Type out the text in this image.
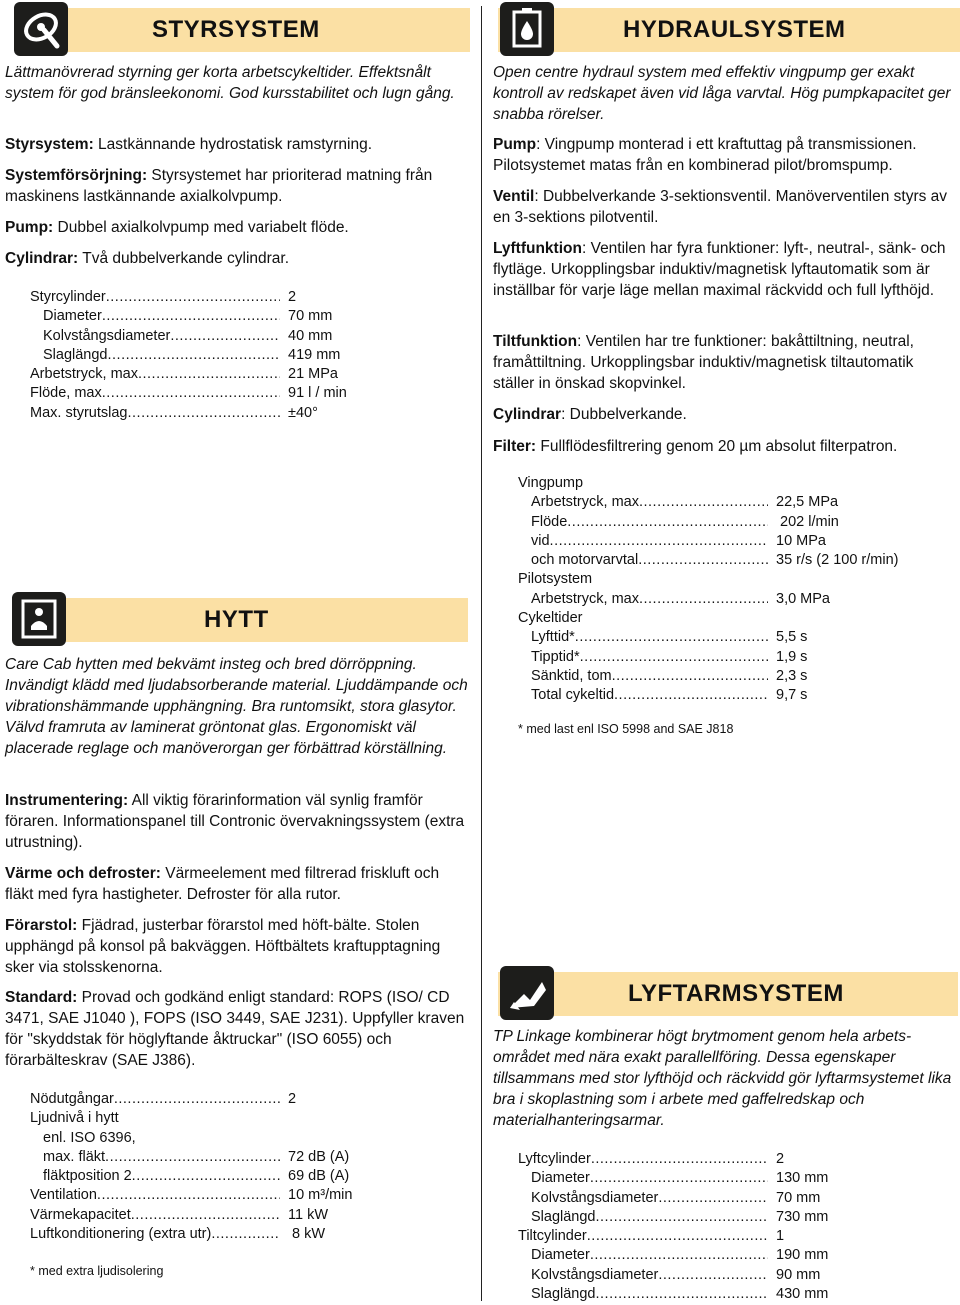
STYRSYSTEM

Lättmanövrerad styrning ger korta arbetscykeltider. Effektsnålt system för god bränsleekonomi. God kursstabilitet och lugn gång.

Styrsystem: Lastkännande hydrostatisk ramstyrning.

Systemförsörjning: Styrsystemet har prioriterad matning från maskinens lastkännande axialkolvpump.

Pump: Dubbel axialkolvpump med variabelt flöde.

Cylindrar: Två dubbelverkande cylindrar.

Styrcylinder .....	2
Diameter .....	70 mm
Kolvstångsdiameter .....	40 mm
Slaglängd .....	419 mm
Arbetstryck, max .....	21 MPa
Flöde, max .....	91 l / min
Max. styrutslag .....	±40°
HYTT

Care Cab hytten med bekvämt insteg och bred dörröppning. Invändigt klädd med ljudabsorberande material. Ljuddämpande och vibrationshämmande upphängning. Bra runtomsikt, stora glasytor. Välvd framruta av laminerat gröntonat glas. Ergonomiskt väl placerade reglage och manöverorgan ger förbättrad körställning.

Instrumentering: All viktig förarinformation väl synlig framför föraren. Informationspanel till Contronic övervakningssystem (extra utrustning).

Värme och defroster: Värmeelement med filtrerad friskluft och fläkt med fyra hastigheter. Defroster för alla rutor.

Förarstol: Fjädrad, justerbar förarstol med höft-bälte. Stolen upphängd på konsol på bakväggen. Höftbältets kraftupptagning sker via stolsskenorna.

Standard: Provad och godkänd enligt standard: ROPS (ISO/ CD 3471, SAE J1040 ), FOPS (ISO 3449, SAE J231). Uppfyller kraven för "skyddstak för höglyftande åktruckar" (ISO 6055) och förarbälteskrav (SAE J386).

Nödutgångar .....	2
Ljudnivå i hytt
enl. ISO 6396,
max. fläkt .....	72 dB (A)
fläktposition 2 .....	69 dB (A)
Ventilation .....	10 m³/min
Värmekapacitet .....	11 kW
Luftkonditionering (extra utr) .....	8 kW
* med extra ljudisolering
HYDRAULSYSTEM

Open centre hydraul system med effektiv vingpump ger exakt kontroll av redskapet även vid låga varvtal. Hög pumpkapacitet ger snabba rörelser.

Pump: Vingpump monterad i ett kraftuttag på transmissionen. Pilotsystemet matas från en kombinerad pilot/bromspump.

Ventil: Dubbelverkande 3-sektionsventil. Manöverventilen styrs av en 3-sektions pilotventil.

Lyftfunktion: Ventilen har fyra funktioner: lyft-, neutral-, sänk- och flytläge. Urkopplingsbar induktiv/magnetisk lyftautomatik som är inställbar för varje läge mellan maximal räckvidd och full lyfthöjd.

Tiltfunktion: Ventilen har tre funktioner: bakåttiltning, neutral, framåttiltning. Urkopplingsbar induktiv/magnetisk tiltautomatik ställer in önskad skopvinkel.

Cylindrar: Dubbelverkande.

Filter: Fullflödesfiltrering genom 20 µm absolut filterpatron.

Vingpump
Arbetstryck, max .....	22,5 MPa
Flöde .....	202 l/min
vid .....	10 MPa
och motorvarvtal .....	35 r/s (2 100 r/min)
Pilotsystem
Arbetstryck, max .....	3,0 MPa
Cykeltider
Lyfttid* .....	5,5 s
Tipptid* .....	1,9 s
Sänktid, tom .....	2,3 s
Total cykeltid .....	9,7 s
* med last enl ISO 5998 and SAE J818
LYFTARMSYSTEM

TP Linkage kombinerar högt brytmoment genom hela arbetsområdet med nära exakt parallellföring. Dessa egenskaper tillsammans med stor lyfthöjd och räckvidd gör lyftarmsystemet lika bra i skoplastning som i arbete med gaffelredskap och materialhanteringsarmar.

Lyftcylinder .....	2
Diameter .....	130 mm
Kolvstångsdiameter .....	70 mm
Slaglängd .....	730 mm
Tiltcylinder .....	1
Diameter .....	190 mm
Kolvstångsdiameter .....	90 mm
Slaglängd .....	430 mm
